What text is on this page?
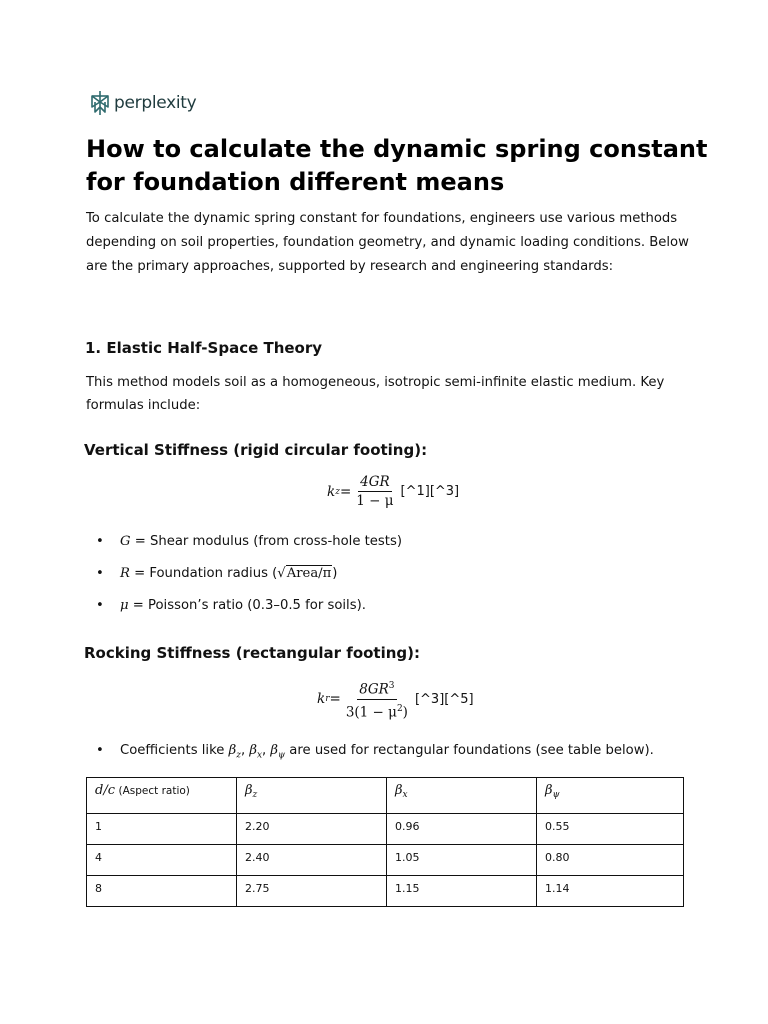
perplexity
How to calculate the dynamic spring constant for foundation different means

To calculate the dynamic spring constant for foundations, engineers use various methods depending on soil properties, foundation geometry, and dynamic loading conditions. Below are the primary approaches, supported by research and engineering standards:

1. Elastic Half-Space Theory

This method models soil as a homogeneous, isotropic semi-infinite elastic medium. Key formulas include:

Vertical Stiffness (rigid circular footing):
k $z = \frac{4GR}{1 - \mu}$ [^1][^3]
• G = Shear modulus (from cross-hole tests)
• R = Foundation radius (√Area/π)
• μ = Poisson’s ratio (0.3–0.5 for soils).
Rocking Stiffness (rectangular footing):
k $r = \frac{8GR^3}{3(1 - \mu^2)}$ [^3][^5]
• Coefficients like $\beta_z$, $\beta_x$, $\beta_\psi$ are used for rectangular foundations (see table below).
d/c (Aspect ratio)	$\beta_z$	$\beta_x$	$\beta_\psi$
1	2.20	0.96	0.55
4	2.40	1.05	0.80
8	2.75	1.15	1.14
